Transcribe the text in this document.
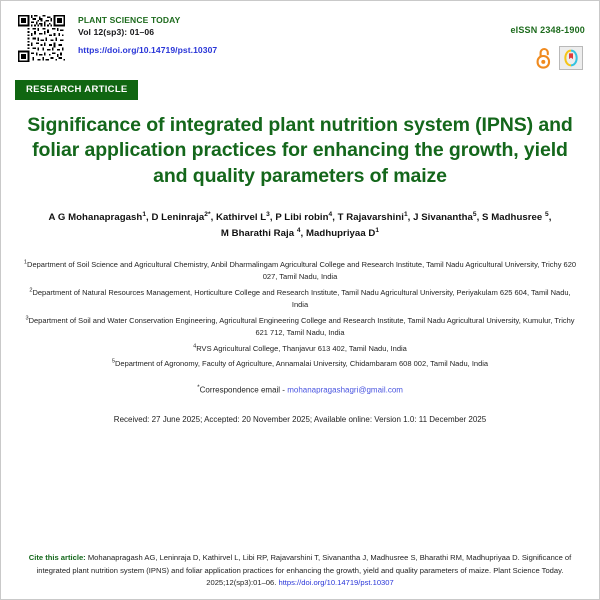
PLANT SCIENCE TODAY
Vol 12(sp3): 01–06
https://doi.org/10.14719/pst.10307
eISSN 2348-1900
RESEARCH ARTICLE
Significance of integrated plant nutrition system (IPNS) and foliar application practices for enhancing the growth, yield and quality parameters of maize
A G Mohanapragash$^1$, D Leninraja$^{2*}$, Kathirvel $L^3$, P Libi robin$^4$, T Rajavarshini$^1$, J Sivanantha$^5$, S Madhusree $^5$, M Bharathi Raja $^4$, Madhupriyaa $D^1$
$^1$Department of Soil Science and Agricultural Chemistry, Anbil Dharmalingam Agricultural College and Research Institute, Tamil Nadu Agricultural University, Trichy 620 027, Tamil Nadu, India
$^2$Department of Natural Resources Management, Horticulture College and Research Institute, Tamil Nadu Agricultural University, Periyakulam 625 604, Tamil Nadu, India
$^3$Department of Soil and Water Conservation Engineering, Agricultural Engineering College and Research Institute, Tamil Nadu Agricultural University, Kumulur, Trichy 621 712, Tamil Nadu, India
$^4$RVS Agricultural College, Thanjavur 613 402, Tamil Nadu, India
$^5$Department of Agronomy, Faculty of Agriculture, Annamalai University, Chidambaram 608 002, Tamil Nadu, India
*Correspondence email - mohanapragashagri@gmail.com
Received: 27 June 2025; Accepted: 20 November 2025; Available online: Version 1.0: 11 December 2025
Cite this article: Mohanapragash AG, Leninraja D, Kathirvel L, Libi RP, Rajavarshini T, Sivanantha J, Madhusree S, Bharathi RM, Madhupriyaa D. Significance of integrated plant nutrition system (IPNS) and foliar application practices for enhancing the growth, yield and quality parameters of maize. Plant Science Today. 2025;12(sp3):01–06. https://doi.org/10.14719/pst.10307
